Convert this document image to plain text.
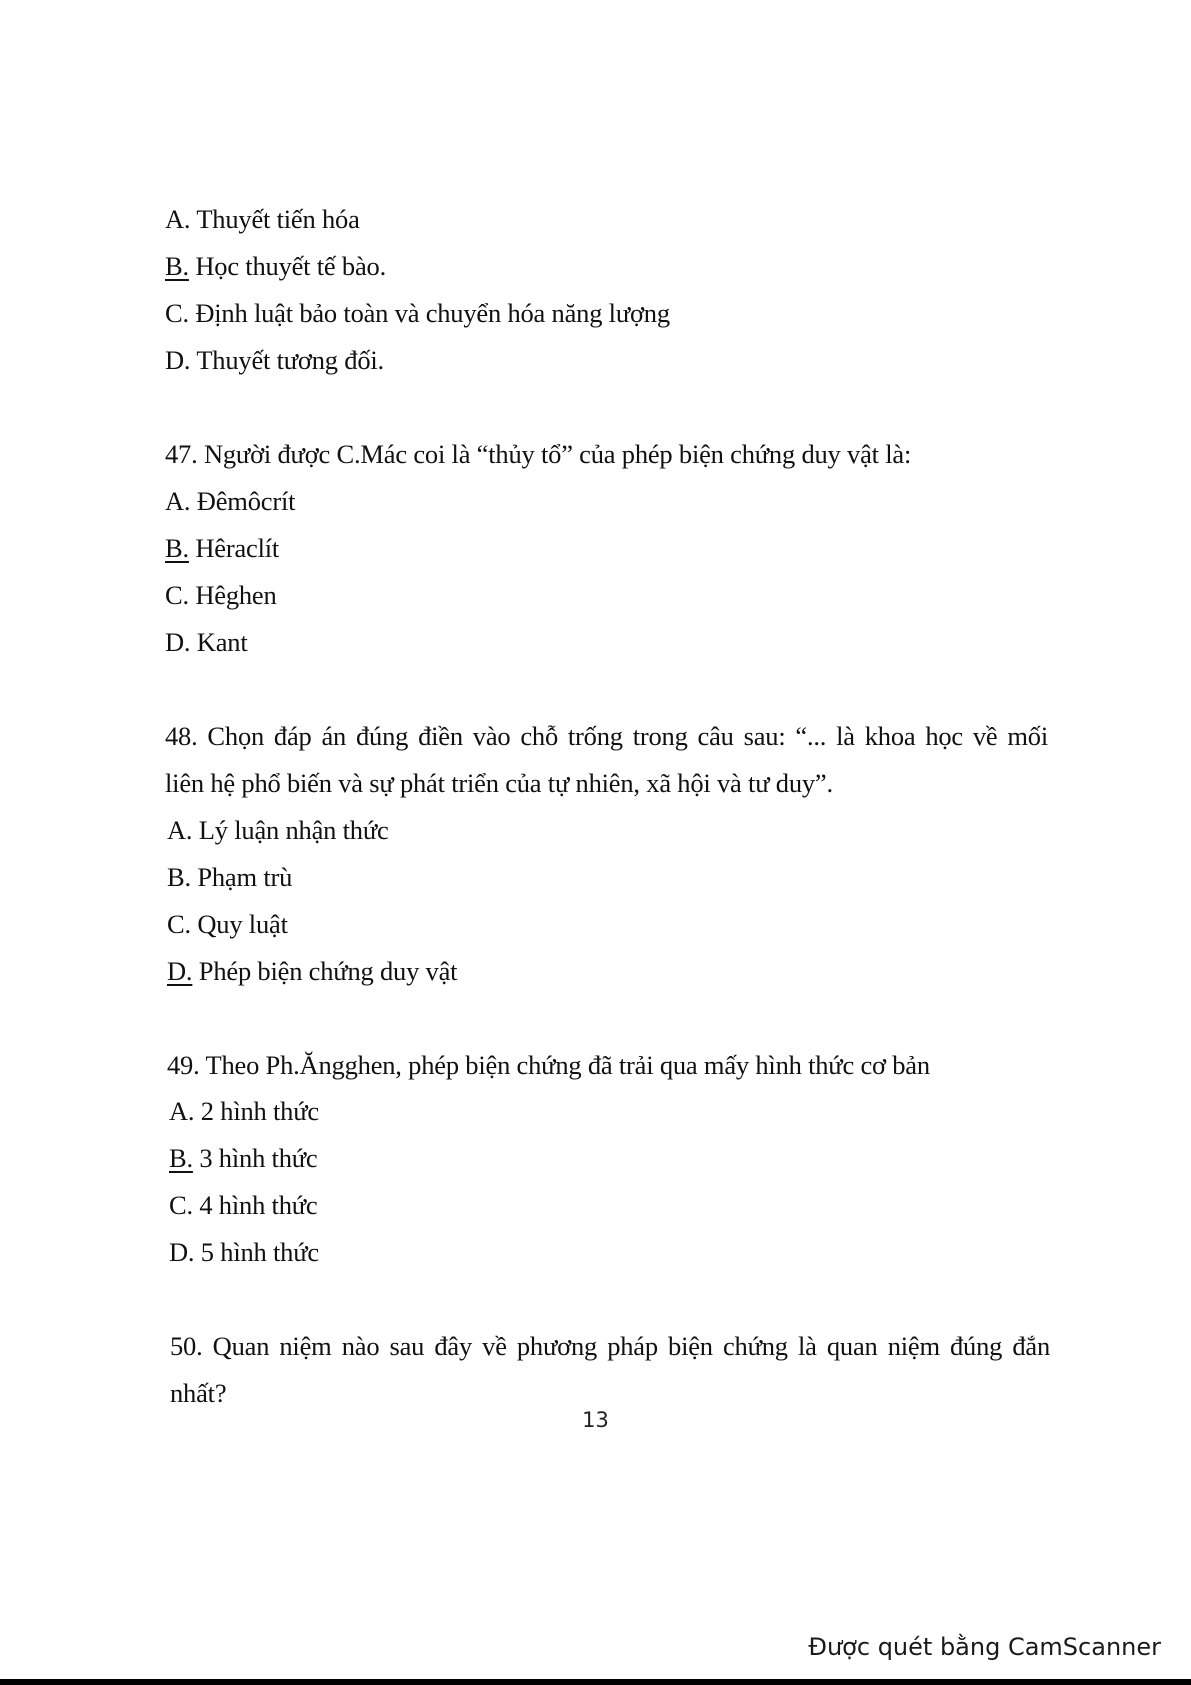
A. Thuyết tiến hóa
B. Học thuyết tế bào.
C. Định luật bảo toàn và chuyển hóa năng lượng
D. Thuyết tương đối.
47. Người được C.Mác coi là “thủy tổ” của phép biện chứng duy vật là:
A. Đêmôcrít
B. Hêraclít
C. Hêghen
D. Kant
48. Chọn đáp án đúng điền vào chỗ trống trong câu sau: “... là khoa học về mối
liên hệ phổ biến và sự phát triển của tự nhiên, xã hội và tư duy”.
A. Lý luận nhận thức
B. Phạm trù
C. Quy luật
D. Phép biện chứng duy vật
49. Theo Ph.Ăngghen, phép biện chứng đã trải qua mấy hình thức cơ bản
A. 2 hình thức
B. 3 hình thức
C. 4 hình thức
D. 5 hình thức
50. Quan niệm nào sau đây về phương pháp biện chứng là quan niệm đúng đắn
nhất?
13
Được quét bằng CamScanner
